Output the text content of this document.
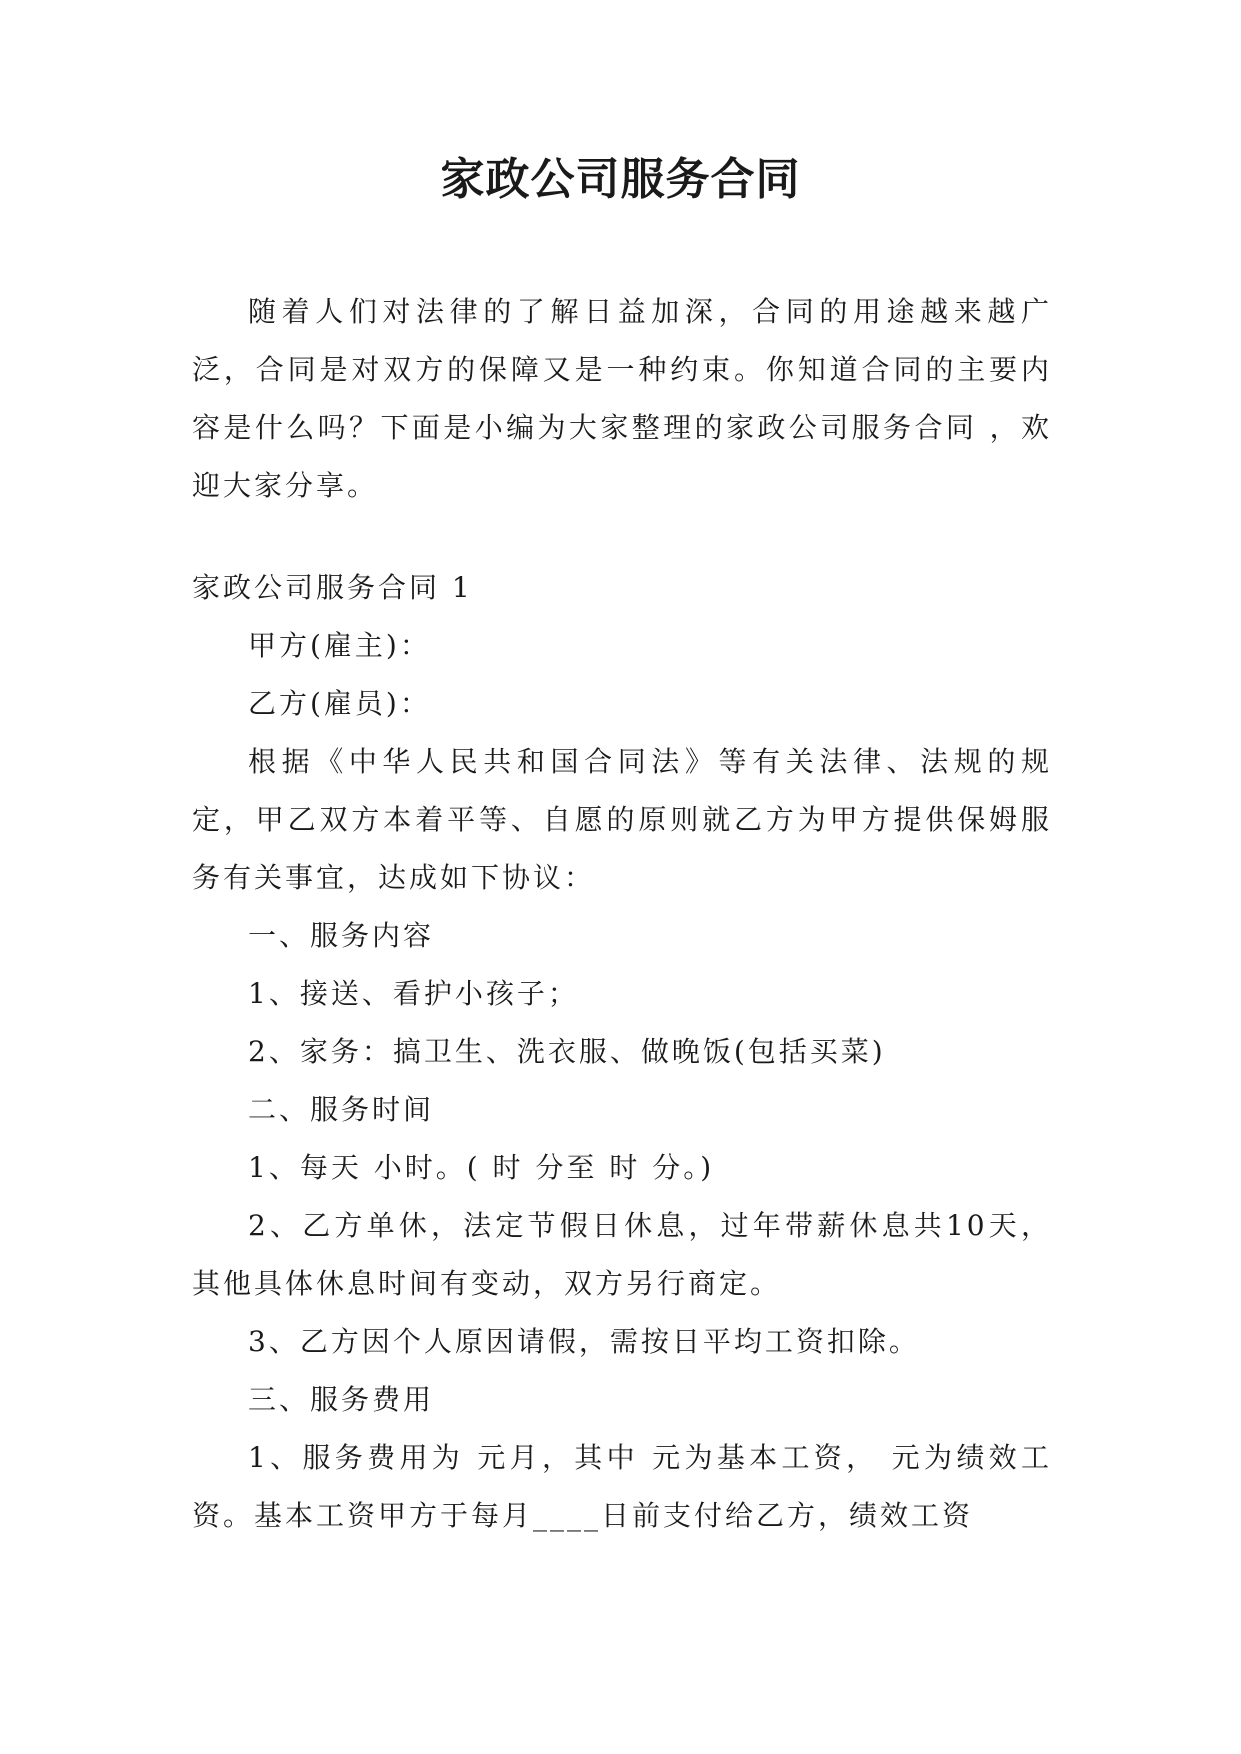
家政公司服务合同

随着人们对法律的了解日益加深，合同的用途越来越广泛，合同是对双方的保障又是一种约束。你知道合同的主要内容是什么吗？下面是小编为大家整理的家政公司服务合同 ，欢迎大家分享。

家政公司服务合同 1

甲方(雇主)：

乙方(雇员)：

根据《中华人民共和国合同法》等有关法律、法规的规定，甲乙双方本着平等、自愿的原则就乙方为甲方提供保姆服务有关事宜，达成如下协议：

一、服务内容

1、接送、看护小孩子；

2、家务：搞卫生、洗衣服、做晚饭(包括买菜)

二、服务时间

1、每天 小时。( 时 分至 时 分。)

2、乙方单休，法定节假日休息，过年带薪休息共10天，其他具体休息时间有变动，双方另行商定。

3、乙方因个人原因请假，需按日平均工资扣除。

三、服务费用

1、服务费用为 元月，其中 元为基本工资， 元为绩效工资。基本工资甲方于每月____日前支付给乙方，绩效工资
